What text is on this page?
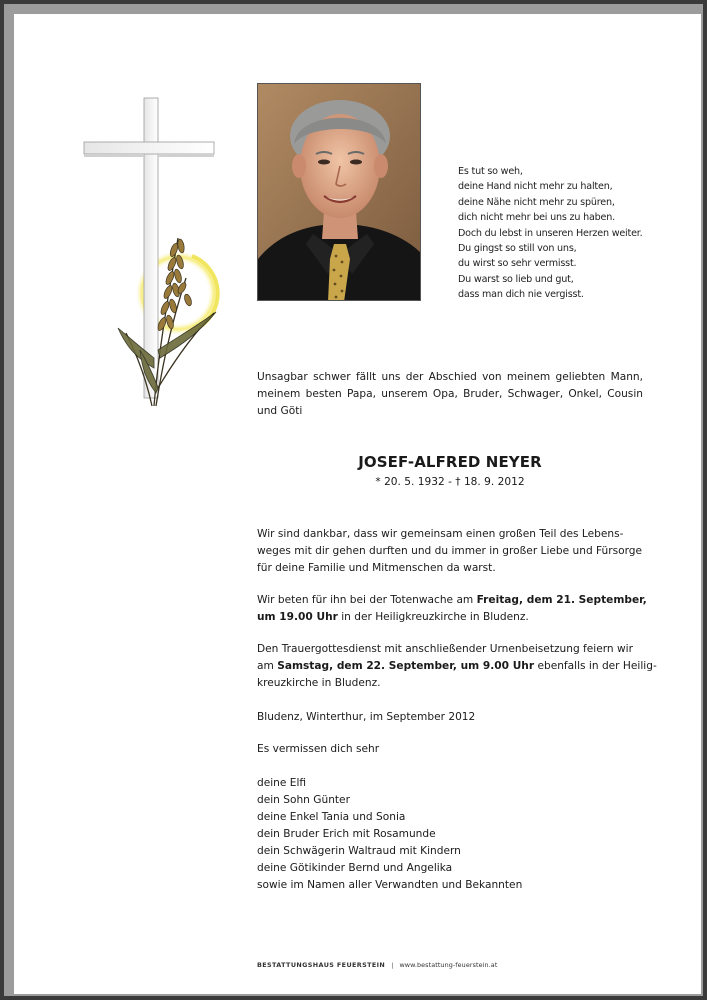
Es tut so weh,
deine Hand nicht mehr zu halten,
deine Nähe nicht mehr zu spüren,
dich nicht mehr bei uns zu haben.
Doch du lebst in unseren Herzen weiter.
Du gingst so still von uns,
du wirst so sehr vermisst.
Du warst so lieb und gut,
dass man dich nie vergisst.
Unsagbar schwer fällt uns der Abschied von meinem geliebten Mann, meinem besten Papa, unserem Opa, Bruder, Schwager, Onkel, Cousin und Göti
JOSEF-ALFRED NEYER
* 20. 5. 1932 - † 18. 9. 2012
Wir sind dankbar, dass wir gemeinsam einen großen Teil des Lebens-
weges mit dir gehen durften und du immer in großer Liebe und Fürsorge
für deine Familie und Mitmenschen da warst.
Wir beten für ihn bei der Totenwache am Freitag, dem 21. September,
um 19.00 Uhr in der Heiligkreuzkirche in Bludenz.
Den Trauergottesdienst mit anschließender Urnenbeisetzung feiern wir
am Samstag, dem 22. September, um 9.00 Uhr ebenfalls in der Heilig-
kreuzkirche in Bludenz.
Bludenz, Winterthur, im September 2012
Es vermissen dich sehr
deine Elfi
dein Sohn Günter
deine Enkel Tania und Sonia
dein Bruder Erich mit Rosamunde
dein Schwägerin Waltraud mit Kindern
deine Götikinder Bernd und Angelika
sowie im Namen aller Verwandten und Bekannten
BESTATTUNGSHAUS FEUERSTEIN | www.bestattung-feuerstein.at
